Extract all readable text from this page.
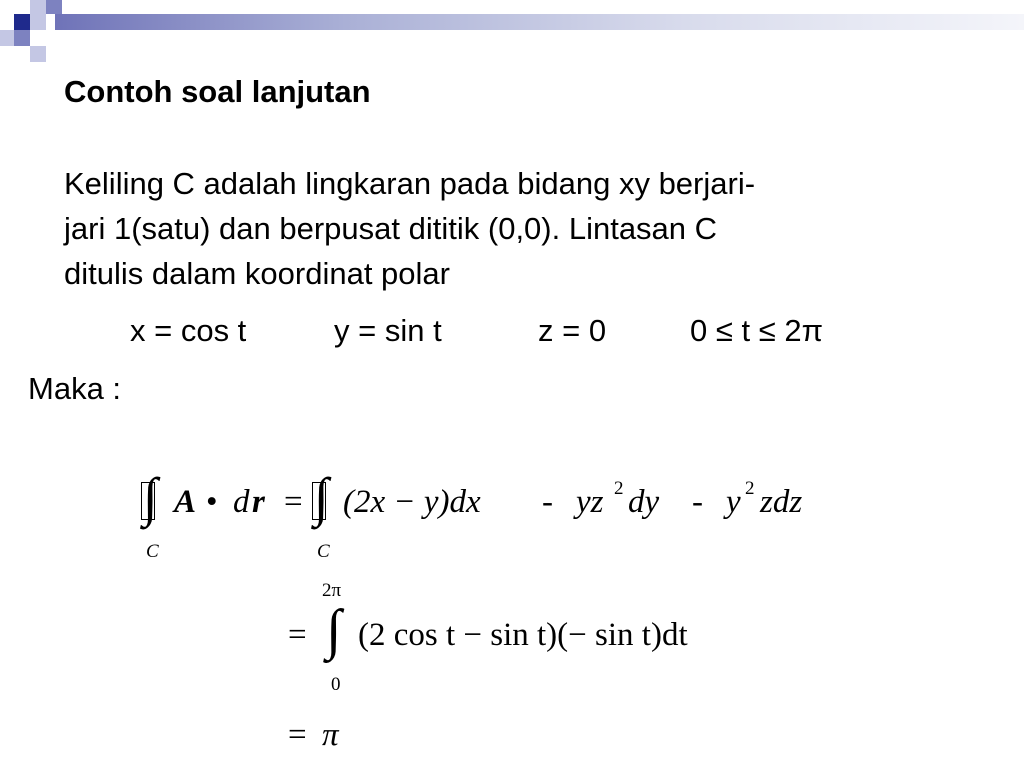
Contoh soal lanjutan
Keliling C adalah lingkaran pada bidang xy berjari-
jari 1(satu) dan berpusat dititik (0,0). Lintasan C
ditulis dalam koordinat polar
x = cos t	y = sin t	z = 0	0 ≤ t ≤ 2π
Maka :
∫
C
A • d r = ∫
C
(2x − y)dx - yz 2 dy - y 2 zdz
= ∫
2π
0
(2 cos t − sin t)(− sin t)dt
= π
